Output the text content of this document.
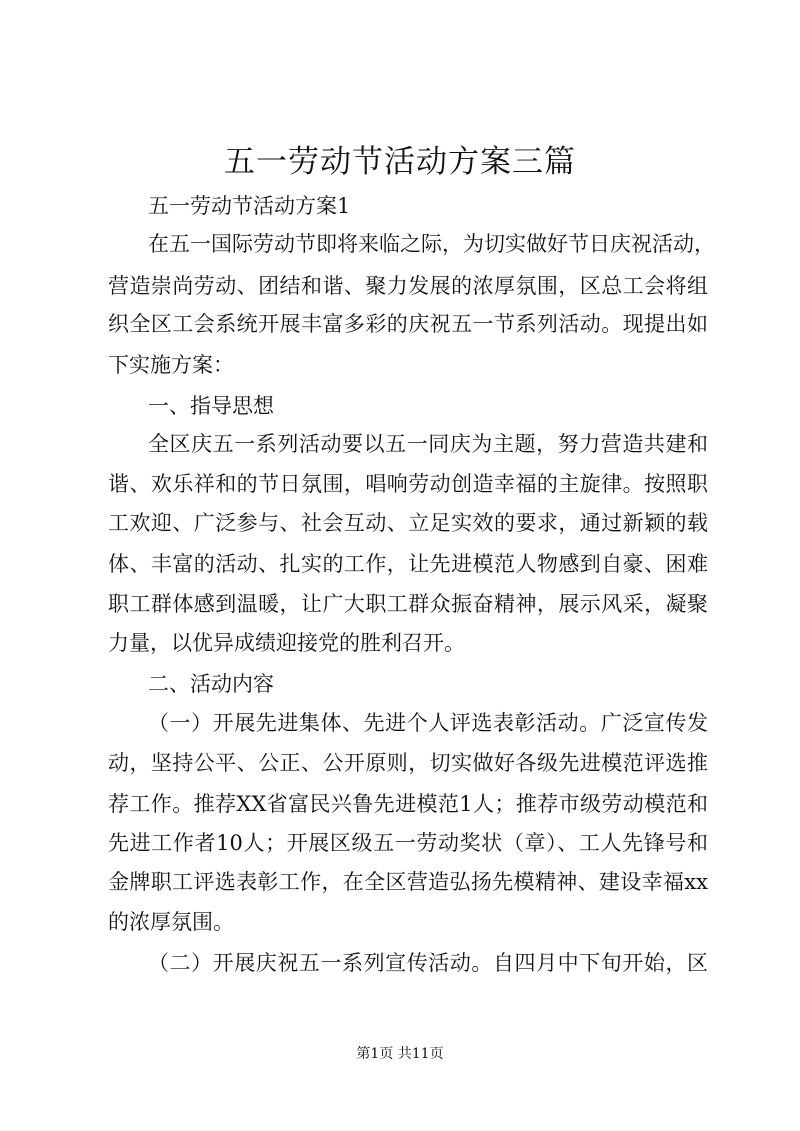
五一劳动节活动方案三篇
五一劳动节活动方案1
在五一国际劳动节即将来临之际，为切实做好节日庆祝活动，
营造崇尚劳动、团结和谐、聚力发展的浓厚氛围，区总工会将组
织全区工会系统开展丰富多彩的庆祝五一节系列活动。现提出如
下实施方案：
一、指导思想
全区庆五一系列活动要以五一同庆为主题，努力营造共建和
谐、欢乐祥和的节日氛围，唱响劳动创造幸福的主旋律。按照职
工欢迎、广泛参与、社会互动、立足实效的要求，通过新颖的载
体、丰富的活动、扎实的工作，让先进模范人物感到自豪、困难
职工群体感到温暖，让广大职工群众振奋精神，展示风采，凝聚
力量，以优异成绩迎接党的胜利召开。
二、活动内容
（一）开展先进集体、先进个人评选表彰活动。广泛宣传发
动，坚持公平、公正、公开原则，切实做好各级先进模范评选推
荐工作。推荐XX省富民兴鲁先进模范1人；推荐市级劳动模范和
先进工作者10人；开展区级五一劳动奖状（章）、工人先锋号和
金牌职工评选表彰工作，在全区营造弘扬先模精神、建设幸福xx
的浓厚氛围。
（二）开展庆祝五一系列宣传活动。自四月中下旬开始，区
第1页 共11页
